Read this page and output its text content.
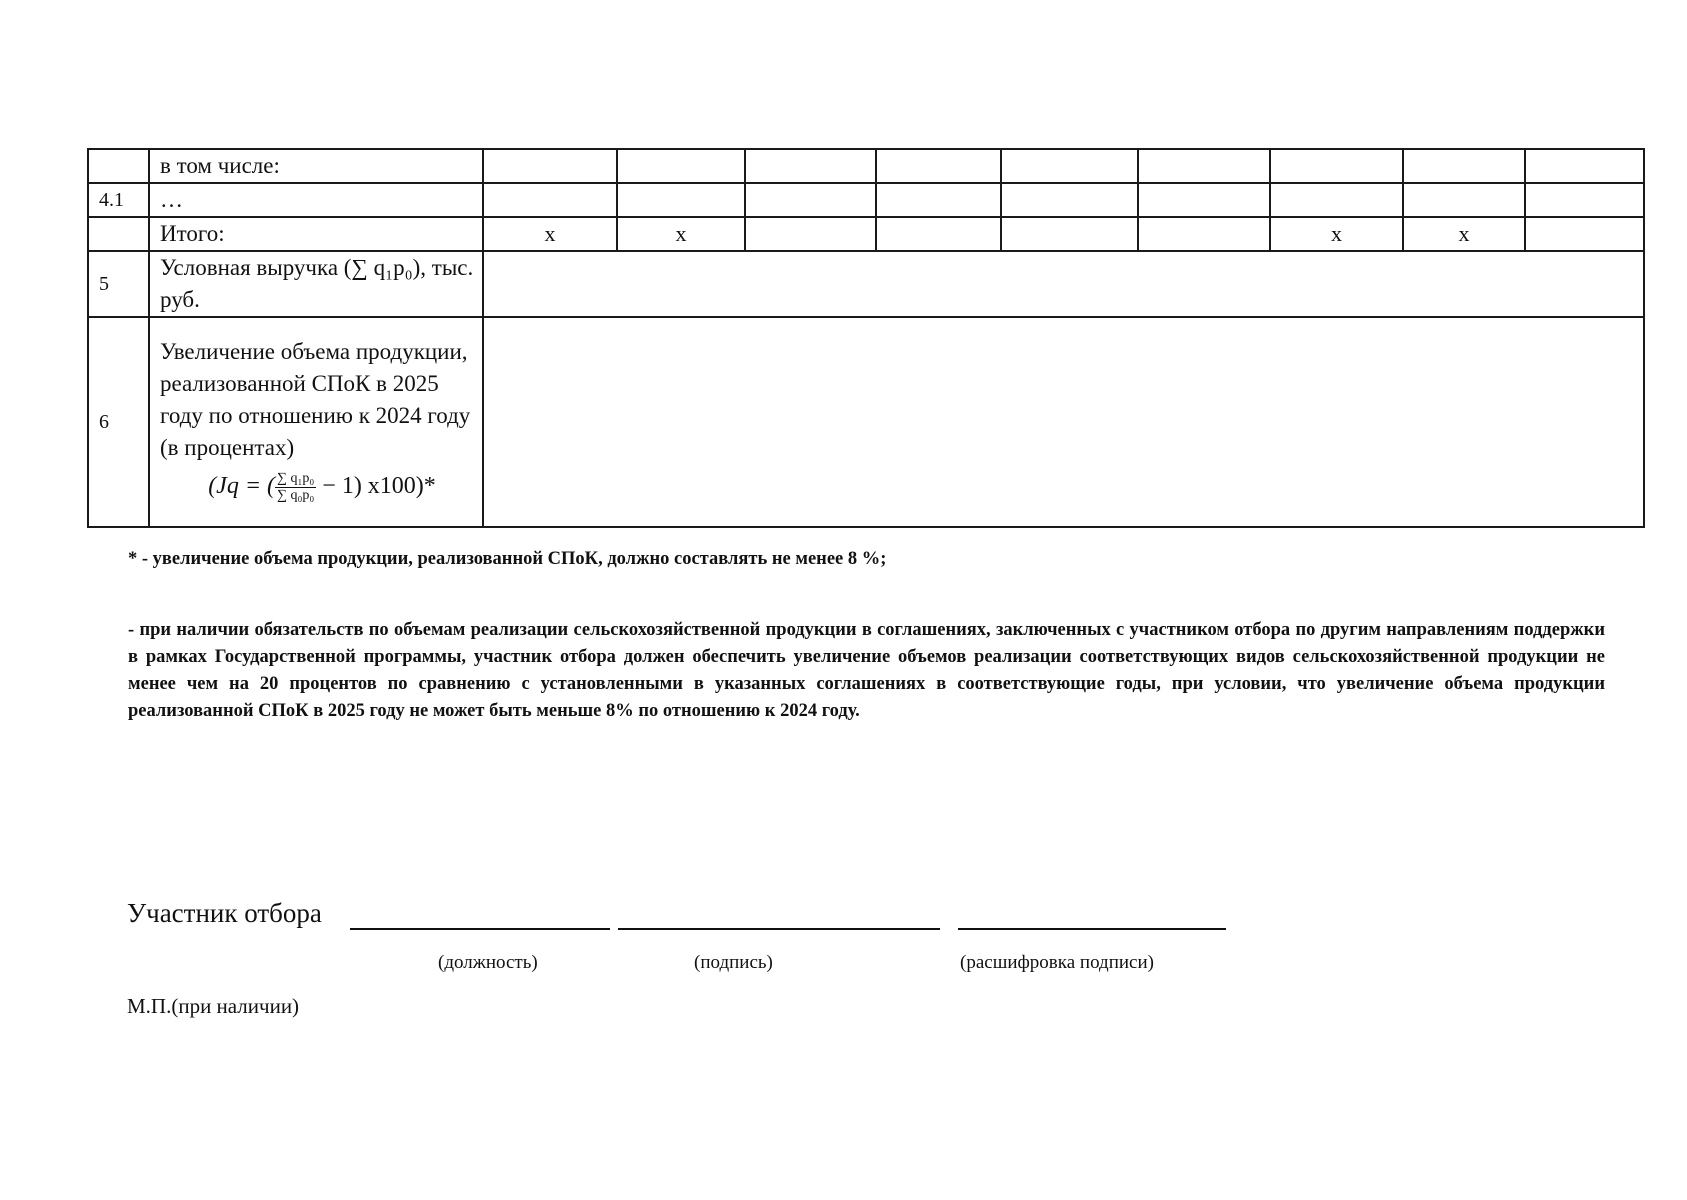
	в том числе:									
4.1	…									
	Итого:	x	x					x	x	
5	Условная выручка (∑ q₁p₀), тыс. руб.									
6	Увеличение объема продукции, реализованной СПоК в 2025 году по отношению к 2024 году (в процентах)
(Jq = ( $\frac{\text{∑ q₁p₀}}{\text{∑ q₀p₀}} - 1$) x100)*									

* - увеличение объема продукции, реализованной СПоК, должно составлять не менее 8 %;
- при наличии обязательств по объемам реализации сельскохозяйственной продукции в соглашениях, заключенных с участником отбора по другим направлениям поддержки в рамках Государственной программы, участник отбора должен обеспечить увеличение объемов реализации соответствующих видов сельскохозяйственной продукции не менее чем на 20 процентов по сравнению с установленными в указанных соглашениях в соответствующие годы, при условии, что увеличение объема продукции реализованной СПоК в 2025 году не может быть меньше 8% по отношению к 2024 году.
Участник отбора
(должность)	(подпись)	(расшифровка подписи)
М.П.(при наличии)
